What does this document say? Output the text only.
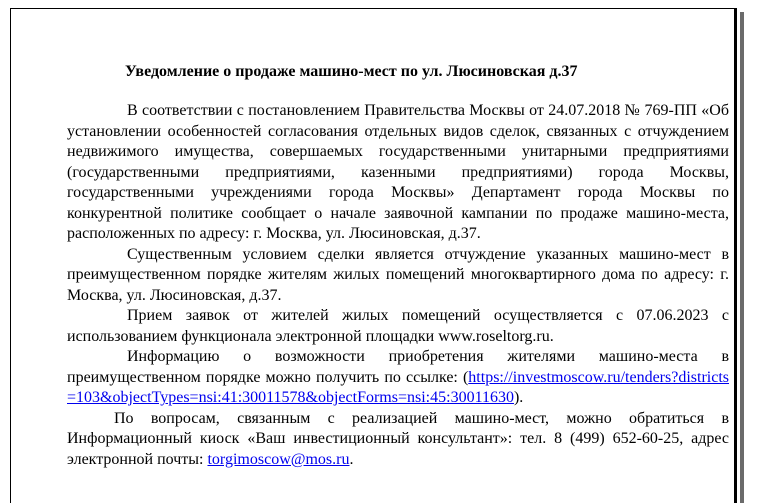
Уведомление о продаже машино-мест по ул. Люсиновская д.37

В соответствии с постановлением Правительства Москвы от 24.07.2018 № 769-ПП «Об установлении особенностей согласования отдельных видов сделок, связанных с отчуждением недвижимого имущества, совершаемых государственными унитарными предприятиями (государственными предприятиями, казенными предприятиями) города Москвы, государственными учреждениями города Москвы» Департамент города Москвы по конкурентной политике сообщает о начале заявочной кампании по продаже машино-места, расположенных по адресу: г. Москва, ул. Люсиновская, д.37.

Существенным условием сделки является отчуждение указанных машино-мест в преимущественном порядке жителям жилых помещений многоквартирного дома по адресу: г. Москва, ул. Люсиновская, д.37.

Прием заявок от жителей жилых помещений осуществляется с 07.06.2023 с использованием функционала электронной площадки www.roseltorg.ru.

Информацию о возможности приобретения жителями машино-места в преимущественном порядке можно получить по ссылке: (https://investmoscow.ru/tenders?districts=103&objectTypes=nsi:41:30011578&objectForms=nsi:45:30011630).

По вопросам, связанным с реализацией машино-мест, можно обратиться в Информационный киоск «Ваш инвестиционный консультант»: тел. 8 (499) 652-60-25, адрес электронной почты: torgimoscow@mos.ru.
